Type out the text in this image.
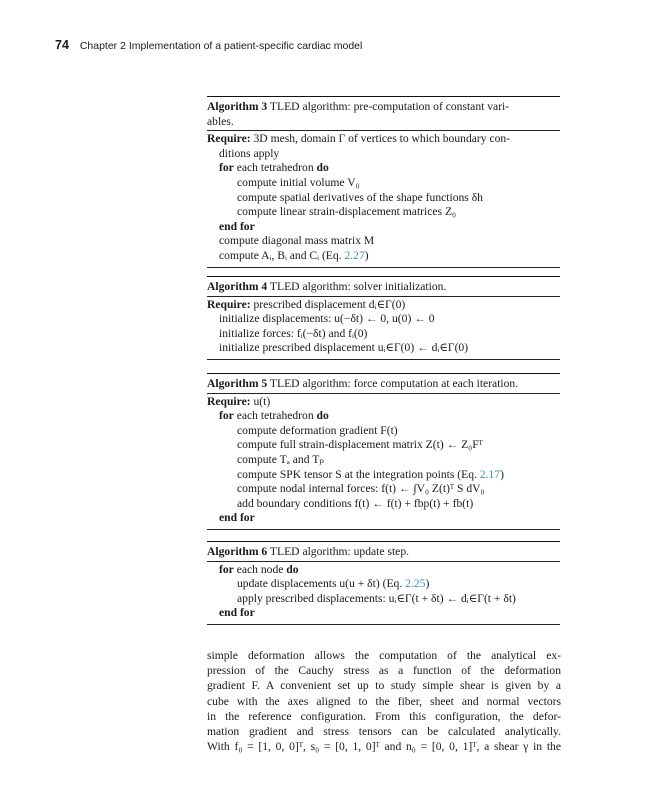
74 Chapter 2 Implementation of a patient-specific cardiac model
Algorithm 3 TLED algorithm: pre-computation of constant vari-
ables.
Require: 3D mesh, domain Γ of vertices to which boundary con-
ditions apply
for each tetrahedron do
compute initial volume V₀
compute spatial derivatives of the shape functions δh
compute linear strain-displacement matrices Z₀
end for
compute diagonal mass matrix M
compute Aᵢ, Bᵢ and Cᵢ (Eq. 2.27)
Algorithm 4 TLED algorithm: solver initialization.
Require: prescribed displacement dᵢ∈Γ(0)
initialize displacements: u(−δt) ← 0, u(0) ← 0
initialize forces: fᵢ(−δt) and fᵢ(0)
initialize prescribed displacement uᵢ∈Γ(0) ← dᵢ∈Γ(0)
Algorithm 5 TLED algorithm: force computation at each iteration.
Require: u(t)
for each tetrahedron do
compute deformation gradient F(t)
compute full strain-displacement matrix Z(t) ← Z₀Fᵀ
compute Tₐ and Tₚ
compute SPK tensor S at the integration points (Eq. 2.17)
compute nodal internal forces: f(t) ← ∫V₀ Z(t)ᵀ S dV₀
add boundary conditions f(t) ← f(t) + fbp(t) + fb(t)
end for
Algorithm 6 TLED algorithm: update step.
for each node do
update displacements u(u + δt) (Eq. 2.25)
apply prescribed displacements: uᵢ∈Γ(t + δt) ← dᵢ∈Γ(t + δt)
end for
simple deformation allows the computation of the analytical ex-
pression of the Cauchy stress as a function of the deformation
gradient F. A convenient set up to study simple shear is given by a
cube with the axes aligned to the fiber, sheet and normal vectors
in the reference configuration. From this configuration, the defor-
mation gradient and stress tensors can be calculated analytically.
With f₀ = [1, 0, 0]ᵀ, s₀ = [0, 1, 0]ᵀ and n₀ = [0, 0, 1]ᵀ, a shear γ in the
